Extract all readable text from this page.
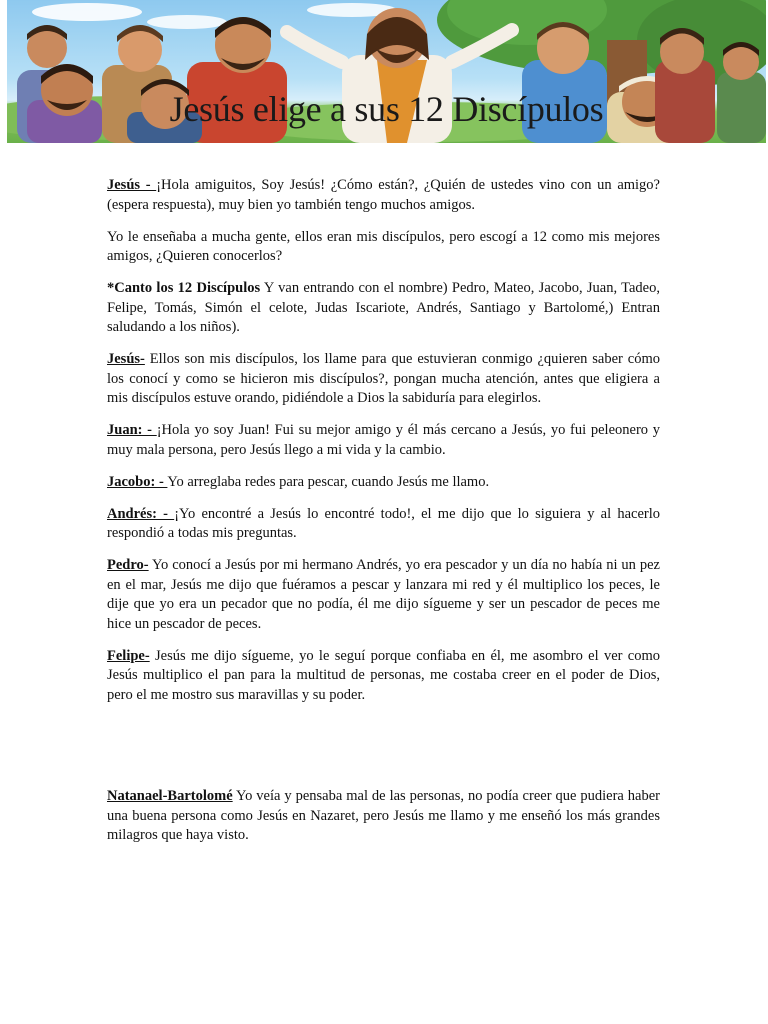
Jesús elige a sus 12 Discípulos

Jesús - ¡Hola amiguitos, Soy Jesús! ¿Cómo están?, ¿Quién de ustedes vino con un amigo? (espera respuesta), muy bien yo también tengo muchos amigos.

Yo le enseñaba a mucha gente, ellos eran mis discípulos, pero escogí a 12 como mis mejores amigos, ¿Quieren conocerlos?

*Canto los 12 Discípulos Y van entrando con el nombre) Pedro, Mateo, Jacobo, Juan, Tadeo, Felipe, Tomás, Simón el celote, Judas Iscariote, Andrés, Santiago y Bartolomé,) Entran saludando a los niños).

Jesús- Ellos son mis discípulos, los llame para que estuvieran conmigo ¿quieren saber cómo los conocí y como se hicieron mis discípulos?, pongan mucha atención, antes que eligiera a mis discípulos estuve orando, pidiéndole a Dios la sabiduría para elegirlos.

Juan: - ¡Hola yo soy Juan! Fui su mejor amigo y él más cercano a Jesús, yo fui peleonero y muy mala persona, pero Jesús llego a mi vida y la cambio.

Jacobo: - Yo arreglaba redes para pescar, cuando Jesús me llamo.

Andrés: - ¡Yo encontré a Jesús lo encontré todo!, el me dijo que lo siguiera y al hacerlo respondió a todas mis preguntas.

Pedro- Yo conocí a Jesús por mi hermano Andrés, yo era pescador y un día no había ni un pez en el mar, Jesús me dijo que fuéramos a pescar y lanzara mi red y él multiplico los peces, le dije que yo era un pecador que no podía, él me dijo sígueme y ser un pescador de peces me hice un pescador de peces.

Felipe- Jesús me dijo sígueme, yo le seguí porque confiaba en él, me asombro el ver como Jesús multiplico el pan para la multitud de personas, me costaba creer en el poder de Dios, pero el me mostro sus maravillas y su poder.

Natanael-Bartolomé Yo veía y pensaba mal de las personas, no podía creer que pudiera haber una buena persona como Jesús en Nazaret, pero Jesús me llamo y me enseñó los más grandes milagros que haya visto.
